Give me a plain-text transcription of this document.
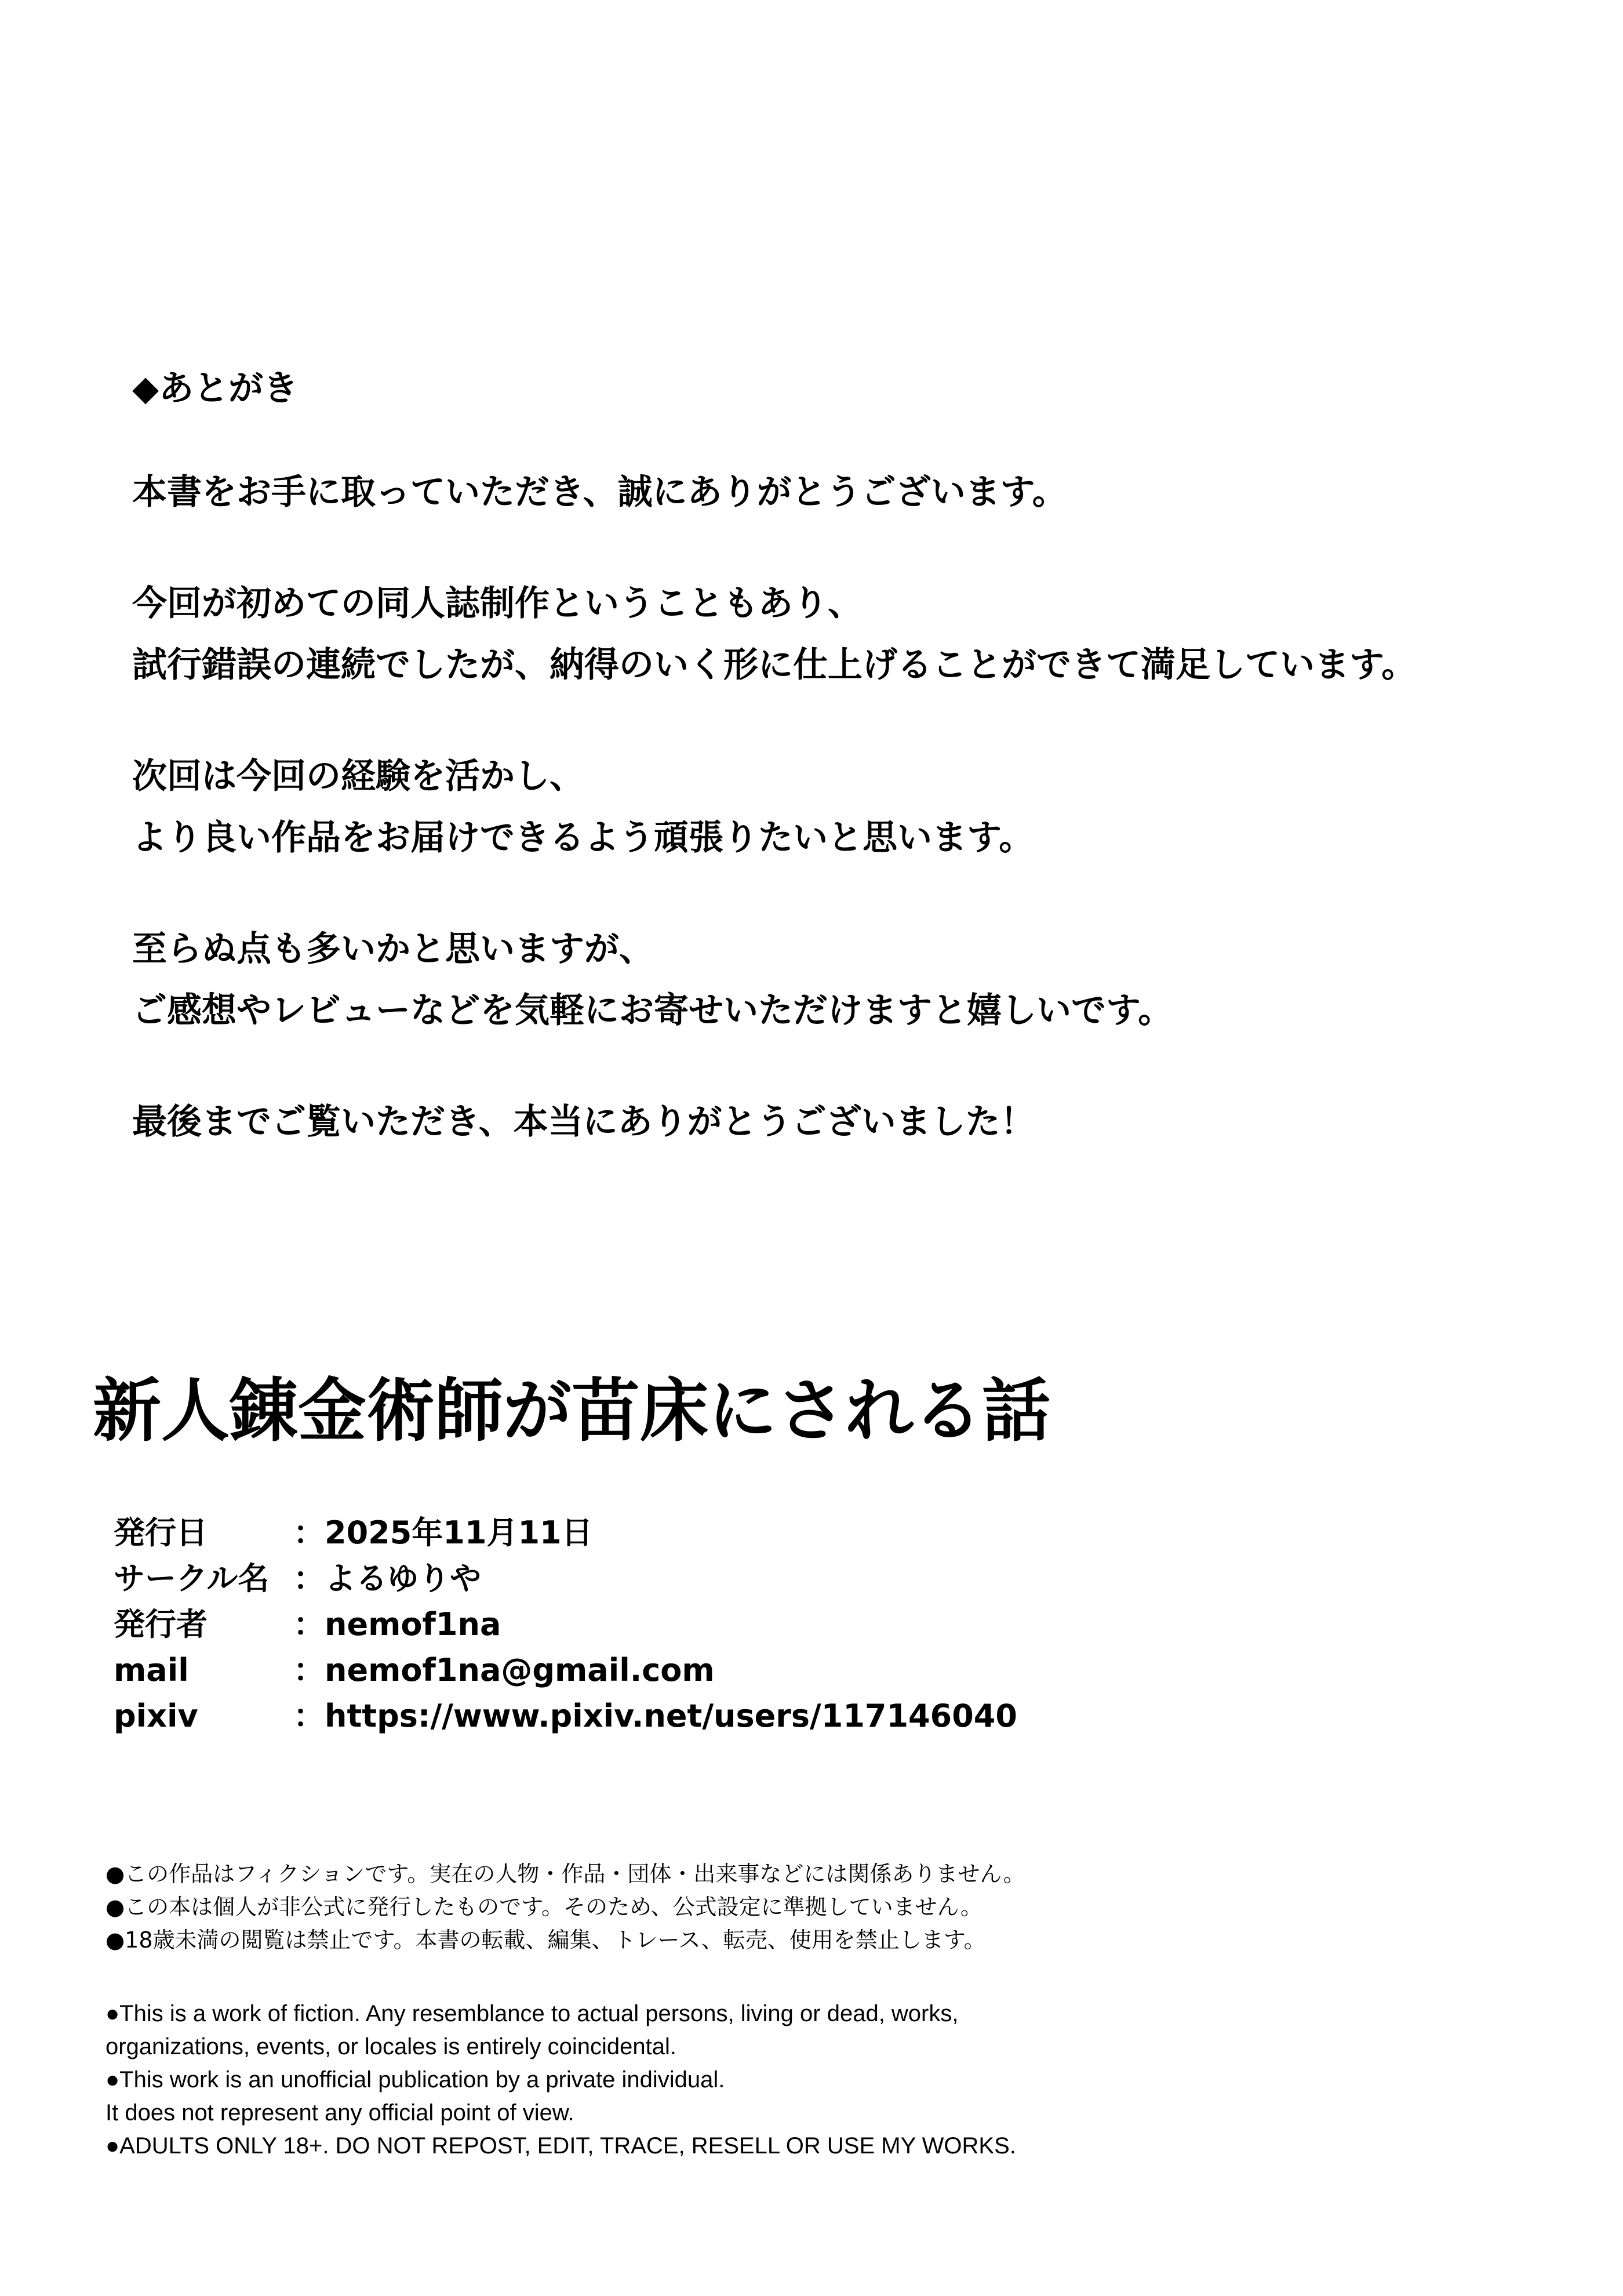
◆あとがき
本書をお手に取っていただき、誠にありがとうございます。
今回が初めての同人誌制作ということもあり、
試行錯誤の連続でしたが、納得のいく形に仕上げることができて満足しています。
次回は今回の経験を活かし、
より良い作品をお届けできるよう頑張りたいと思います。
至らぬ点も多いかと思いますが、
ご感想やレビューなどを気軽にお寄せいただけますと嬉しいです。
最後までご覧いただき、本当にありがとうございました！
新人錬金術師が苗床にされる話
発行日	：2025年11月11日
サークル名 ：よるゆりや
発行者	：nemof1na
mail	：nemof1na@gmail.com
pixiv	：https://www.pixiv.net/users/117146040
●この作品はフィクションです。実在の人物・作品・団体・出来事などには関係ありません。
●この本は個人が非公式に発行したものです。そのため、公式設定に準拠していません。
●18歳未満の閲覧は禁止です。本書の転載、編集、トレース、転売、使用を禁止します。
●This is a work of fiction. Any resemblance to actual persons, living or dead, works,
organizations, events, or locales is entirely coincidental.
●This work is an unofficial publication by a private individual.
It does not represent any official point of view.
●ADULTS ONLY 18+. DO NOT REPOST, EDIT, TRACE, RESELL OR USE MY WORKS.
